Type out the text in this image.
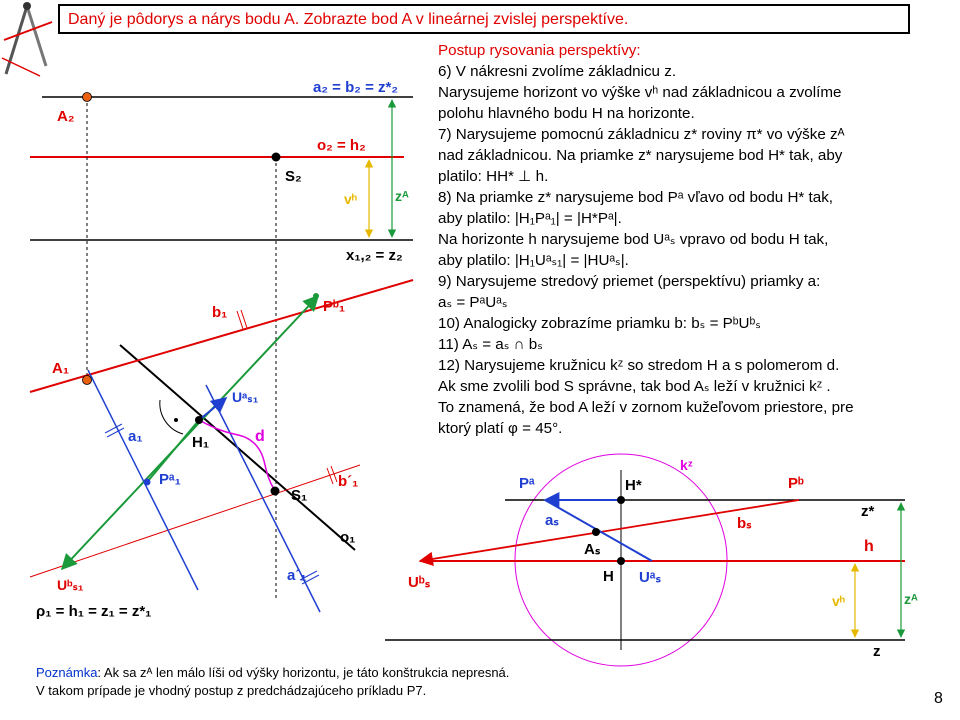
a₂ = b₂ = z*₂
A₂
o₂ = h₂
S₂
vʰ	zᴬ
x₁,₂ = z₂
b₁	Pᵇ₁
A₁
Uᵃₛ₁
a₁	H₁	d
Pᵃ₁
S₁
b´₁
o₁
a´₁
Uᵇₛ₁
ρ₁ = h₁ = z₁ = z*₁
kᶻ
Pᵃ	H*	Pᵇ
aₛ	bₛ
z*
Aₛ	h
Uᵇₛ	H Uᵃₛ
vʰ	zᴬ
z
Daný je pôdorys a nárys bodu A. Zobrazte bod A v lineárnej zvislej perspektíve.
Postup rysovania perspektívy:
6) V nákresni zvolíme základnicu z.
Narysujeme horizont vo výške vʰ nad základnicou a zvolíme
polohu hlavného bodu H na horizonte.
7) Narysujeme pomocnú základnicu z* roviny π* vo výške zᴬ
nad základnicou. Na priamke z* narysujeme bod H* tak, aby
platilo: HH* ⊥ h.
8) Na priamke z* narysujeme bod Pᵃ vľavo od bodu H* tak,
aby platilo: |H₁Pᵃ₁| = |H*Pᵃ|.
Na horizonte h narysujeme bod Uᵃₛ vpravo od bodu H tak,
aby platilo: |H₁Uᵃₛ₁| = |HUᵃₛ|.
9) Narysujeme stredový priemet (perspektívu) priamky a:
aₛ = PᵃUᵃₛ
10) Analogicky zobrazíme priamku b: bₛ = PᵇUᵇₛ
11) Aₛ = aₛ ∩ bₛ
12) Narysujeme kružnicu kᶻ so stredom H a s polomerom d.
Ak sme zvolili bod S správne, tak bod Aₛ leží v kružnici kᶻ .
To znamená, že bod A leží v zornom kužeľovom priestore, pre
ktorý platí φ = 45°.
Poznámka: Ak sa zᴬ len málo líši od výšky horizontu, je táto konštrukcia nepresná.
V takom prípade je vhodný postup z predchádzajúceho príkladu P7.	8
